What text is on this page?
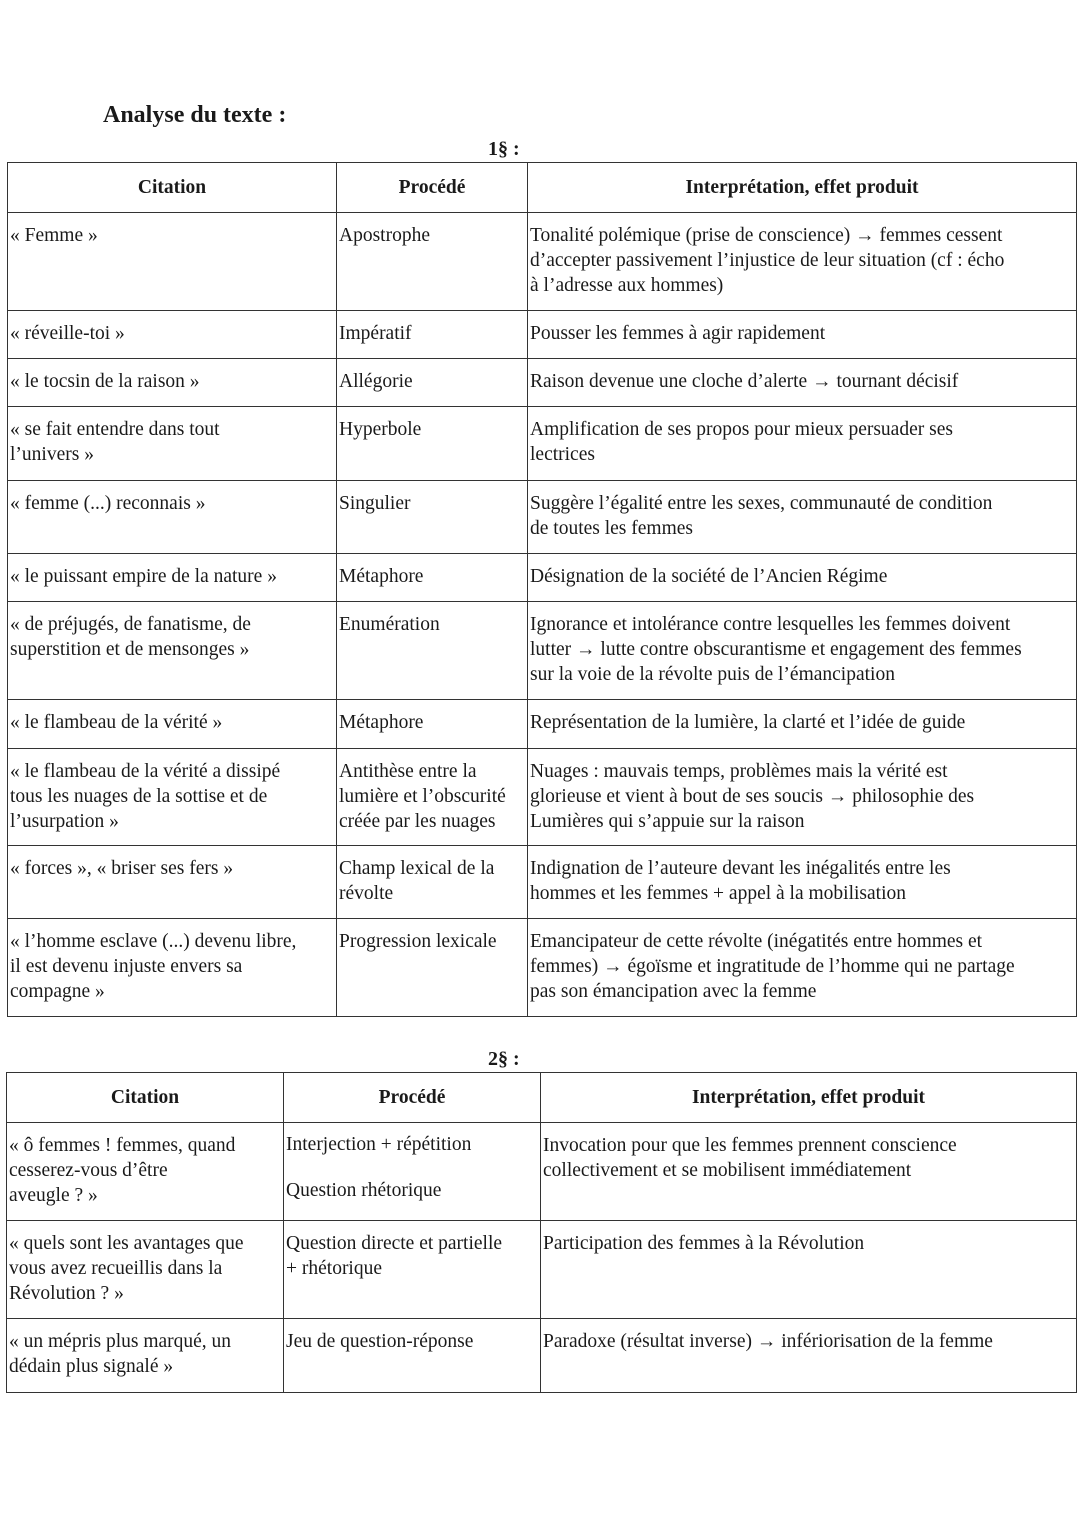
Analyse du texte :
1§ :
Citation	Procédé	Interprétation, effet produit
« Femme »	Apostrophe	Tonalité polémique (prise de conscience) → femmes cessent
d’accepter passivement l’injustice de leur situation (cf : écho
à l’adresse aux hommes)
« réveille-toi »	Impératif	Pousser les femmes à agir rapidement
« le tocsin de la raison »	Allégorie	Raison devenue une cloche d’alerte → tournant décisif
« se fait entendre dans tout
l’univers »	Hyperbole	Amplification de ses propos pour mieux persuader ses
lectrices
« femme (...) reconnais »	Singulier	Suggère l’égalité entre les sexes, communauté de condition
de toutes les femmes
« le puissant empire de la nature »	Métaphore	Désignation de la société de l’Ancien Régime
« de préjugés, de fanatisme, de
superstition et de mensonges »	Enumération	Ignorance et intolérance contre lesquelles les femmes doivent
lutter → lutte contre obscurantisme et engagement des femmes
sur la voie de la révolte puis de l’émancipation
« le flambeau de la vérité »	Métaphore	Représentation de la lumière, la clarté et l’idée de guide
« le flambeau de la vérité a dissipé
tous les nuages de la sottise et de
l’usurpation »	Antithèse entre la
lumière et l’obscurité
créée par les nuages	Nuages : mauvais temps, problèmes mais la vérité est
glorieuse et vient à bout de ses soucis → philosophie des
Lumières qui s’appuie sur la raison
« forces », « briser ses fers »	Champ lexical de la
révolte	Indignation de l’auteure devant les inégalités entre les
hommes et les femmes + appel à la mobilisation
« l’homme esclave (...) devenu libre,
il est devenu injuste envers sa
compagne »	Progression lexicale	Emancipateur de cette révolte (inégatités entre hommes et
femmes) → égoïsme et ingratitude de l’homme qui ne partage
pas son émancipation avec la femme
2§ :
Citation	Procédé	Interprétation, effet produit
« ô femmes ! femmes, quand
cesserez-vous d’être
aveugle ? »	Interjection + répétition

Question rhétorique	Invocation pour que les femmes prennent conscience
collectivement et se mobilisent immédiatement
« quels sont les avantages que
vous avez recueillis dans la
Révolution ? »	Question directe et partielle
+ rhétorique	Participation des femmes à la Révolution
« un mépris plus marqué, un
dédain plus signalé »	Jeu de question-réponse	Paradoxe (résultat inverse) → infériorisation de la femme
